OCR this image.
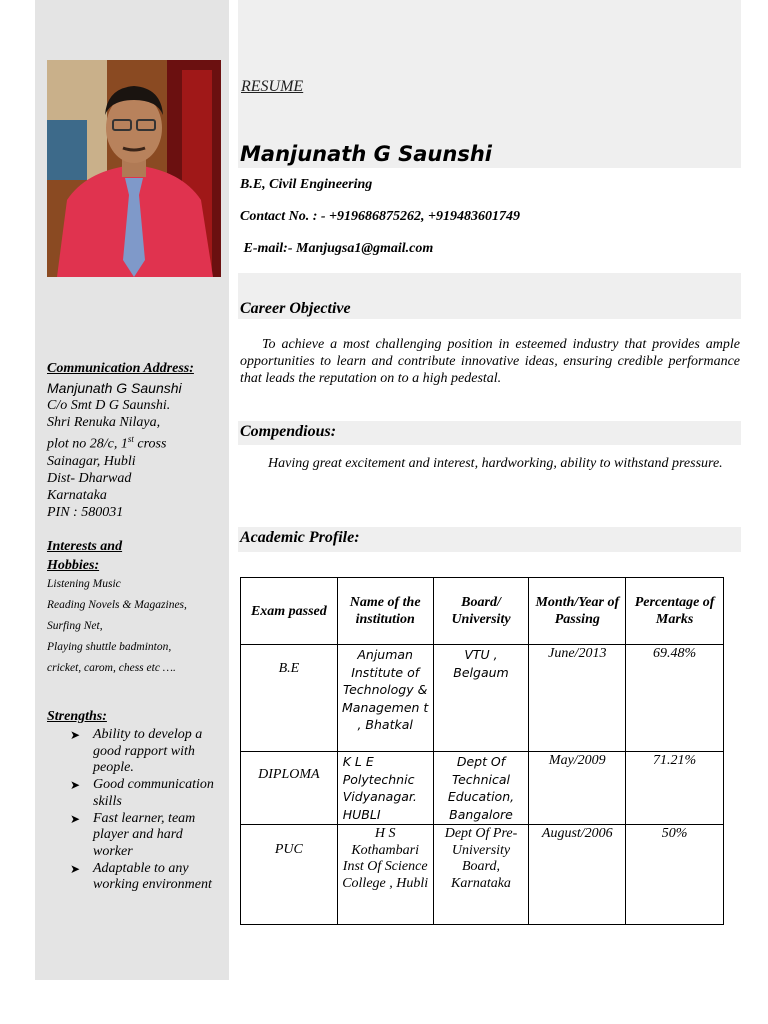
RESUME
Manjunath G Saunshi
B.E, Civil Engineering
Contact No. : - +919686875262, +919483601749
E-mail:- Manjugsa1@gmail.com
Career Objective
To achieve a most challenging position in esteemed industry that provides ample opportunities to learn and contribute innovative ideas, ensuring credible performance that leads the reputation on to a high pedestal.
Compendious:
Having great excitement and interest, hardworking, ability to withstand pressure.
Academic Profile:
Exam passed	Name of the institution	Board/ University	Month/Year of Passing	Percentage of Marks
B.E	Anjuman Institute of Technology & Managemen t , Bhatkal	VTU , Belgaum	June/2013	69.48%
DIPLOMA	K L E Polytechnic Vidyanagar. HUBLI	Dept Of Technical Education, Bangalore	May/2009	71.21%
PUC	H S Kothambari Inst Of Science College , Hubli	Dept Of Pre-University Board, Karnataka	August/2006	50%
Communication Address:
Manjunath G Saunshi
C/o Smt D G Saunshi.
Shri Renuka Nilaya,
plot no 28/c, 1st cross
Sainagar, Hubli
Dist- Dharwad
Karnataka
PIN : 580031
Interests and
Hobbies:
Listening Music
Reading Novels & Magazines,
Surfing Net,
Playing shuttle badminton,
cricket, carom, chess etc ….
Strengths:
➤ Ability to develop a good rapport with people.
➤ Good communication skills
➤ Fast learner, team player and hard worker
➤ Adaptable to any working environment
